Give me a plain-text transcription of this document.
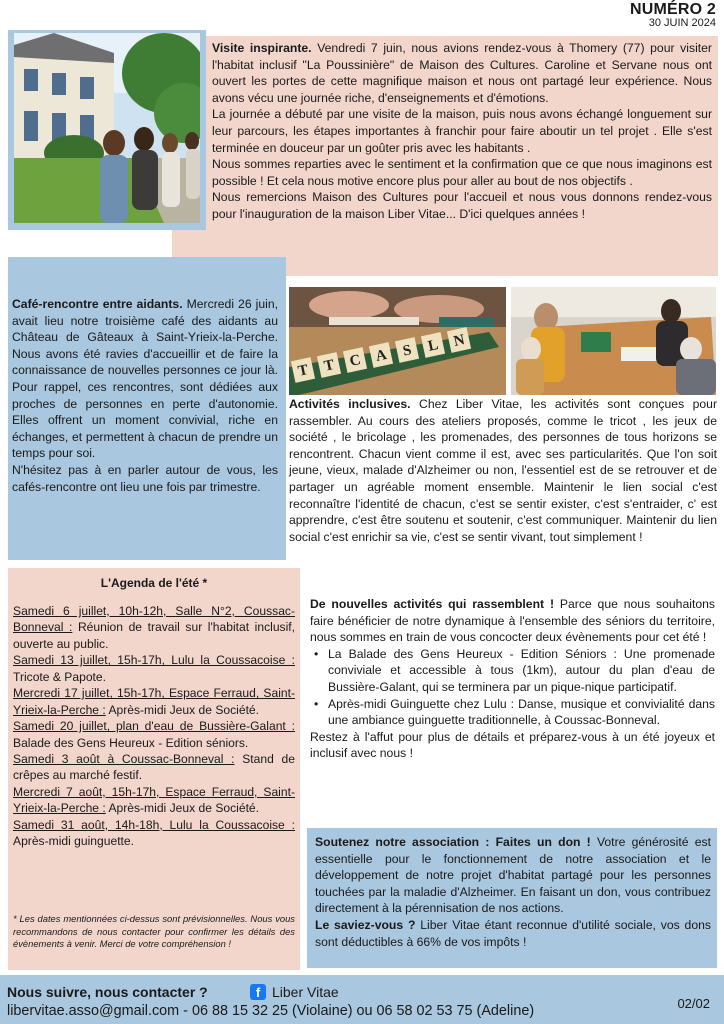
NUMÉRO 2
30 JUIN 2024

Visite inspirante. Vendredi 7 juin, nous avions rendez-vous à Thomery (77) pour visiter l'habitat inclusif "La Poussinière" de Maison des Cultures. Caroline et Servane nous ont ouvert les portes de cette magnifique maison et nous ont partagé leur expérience. Nous avons vécu une journée riche, d'enseignements et d'émotions.

La journée a débuté par une visite de la maison, puis nous avons échangé longuement sur leur parcours, les étapes importantes à franchir pour faire aboutir un tel projet . Elle s'est terminée en douceur par un goûter pris avec les habitants .

Nous sommes reparties avec le sentiment et la confirmation que ce que nous imaginons est possible ! Et cela nous motive encore plus pour aller au bout de nos objectifs .

Nous remercions Maison des Cultures pour l'accueil et nous vous donnons rendez-vous pour l'inauguration de la maison Liber Vitae... D'ici quelques années !

Café-rencontre entre aidants. Mercredi 26 juin, avait lieu notre troisième café des aidants au Château de Gâteaux à Saint-Yrieix-la-Perche. Nous avons été ravies d'accueillir et de faire la connaissance de nouvelles personnes ce jour là. Pour rappel, ces rencontres, sont dédiées aux proches de personnes en perte d'autonomie. Elles offrent un moment convivial, riche en échanges, et permettent à chacun de prendre un temps pour soi.

N'hésitez pas à en parler autour de vous, les cafés-rencontre ont lieu une fois par trimestre.

T T C A S L N
Activités inclusives. Chez Liber Vitae, les activités sont conçues pour rassembler. Au cours des ateliers proposés, comme le tricot , les jeux de société , le bricolage , les promenades, des personnes de tous horizons se rencontrent. Chacun vient comme il est, avec ses particularités. Que l'on soit jeune, vieux, malade d'Alzheimer ou non, l'essentiel est de se retrouver et de partager un agréable moment ensemble. Maintenir le lien social c'est reconnaître l'identité de chacun, c'est se sentir exister, c'est s'entraider, c' est apprendre, c'est être soutenu et soutenir, c'est communiquer. Maintenir du lien social c'est enrichir sa vie, c'est se sentir vivant, tout simplement !
L'Agenda de l'été *

Samedi 6 juillet, 10h-12h, Salle N°2, Coussac-Bonneval : Réunion de travail sur l'habitat inclusif, ouverte au public.

Samedi 13 juillet, 15h-17h, Lulu la Coussacoise : Tricote & Papote.

Mercredi 17 juillet, 15h-17h, Espace Ferraud, Saint-Yrieix-la-Perche : Après-midi Jeux de Société.

Samedi 20 juillet, plan d'eau de Bussière-Galant : Balade des Gens Heureux - Edition séniors.

Samedi 3 août à Coussac-Bonneval : Stand de crêpes au marché festif.

Mercredi 7 août, 15h-17h, Espace Ferraud, Saint-Yrieix-la-Perche : Après-midi Jeux de Société.

Samedi 31 août, 14h-18h, Lulu la Coussacoise : Après-midi guinguette.

* Les dates mentionnées ci-dessus sont prévisionnelles. Nous vous recommandons de nous contacter pour confirmer les détails des évènements à venir. Merci de votre compréhension !

De nouvelles activités qui rassemblent ! Parce que nous souhaitons faire bénéficier de notre dynamique à l'ensemble des séniors du territoire, nous sommes en train de vous concocter deux évènements pour cet été !

• La Balade des Gens Heureux - Edition Séniors : Une promenade conviviale et accessible à tous (1km), autour du plan d'eau de Bussière-Galant, qui se terminera par un pique-nique participatif.
• Après-midi Guinguette chez Lulu : Danse, musique et convivialité dans une ambiance guinguette traditionnelle, à Coussac-Bonneval.

Restez à l'affut pour plus de détails et préparez-vous à un été joyeux et inclusif avec nous !

Soutenez notre association : Faites un don ! Votre générosité est essentielle pour le fonctionnement de notre association et le développement de notre projet d'habitat partagé pour les personnes touchées par la maladie d'Alzheimer. En faisant un don, vous contribuez directement à la pérennisation de nos actions.

Le saviez-vous ? Liber Vitae étant reconnue d'utilité sociale, vos dons sont déductibles à 66% de vos impôts !

Nous suivre, nous contacter ?	f Liber Vitae
libervitae.asso@gmail.com - 06 88 15 32 25 (Violaine) ou 06 58 02 53 75 (Adeline)	02/02
